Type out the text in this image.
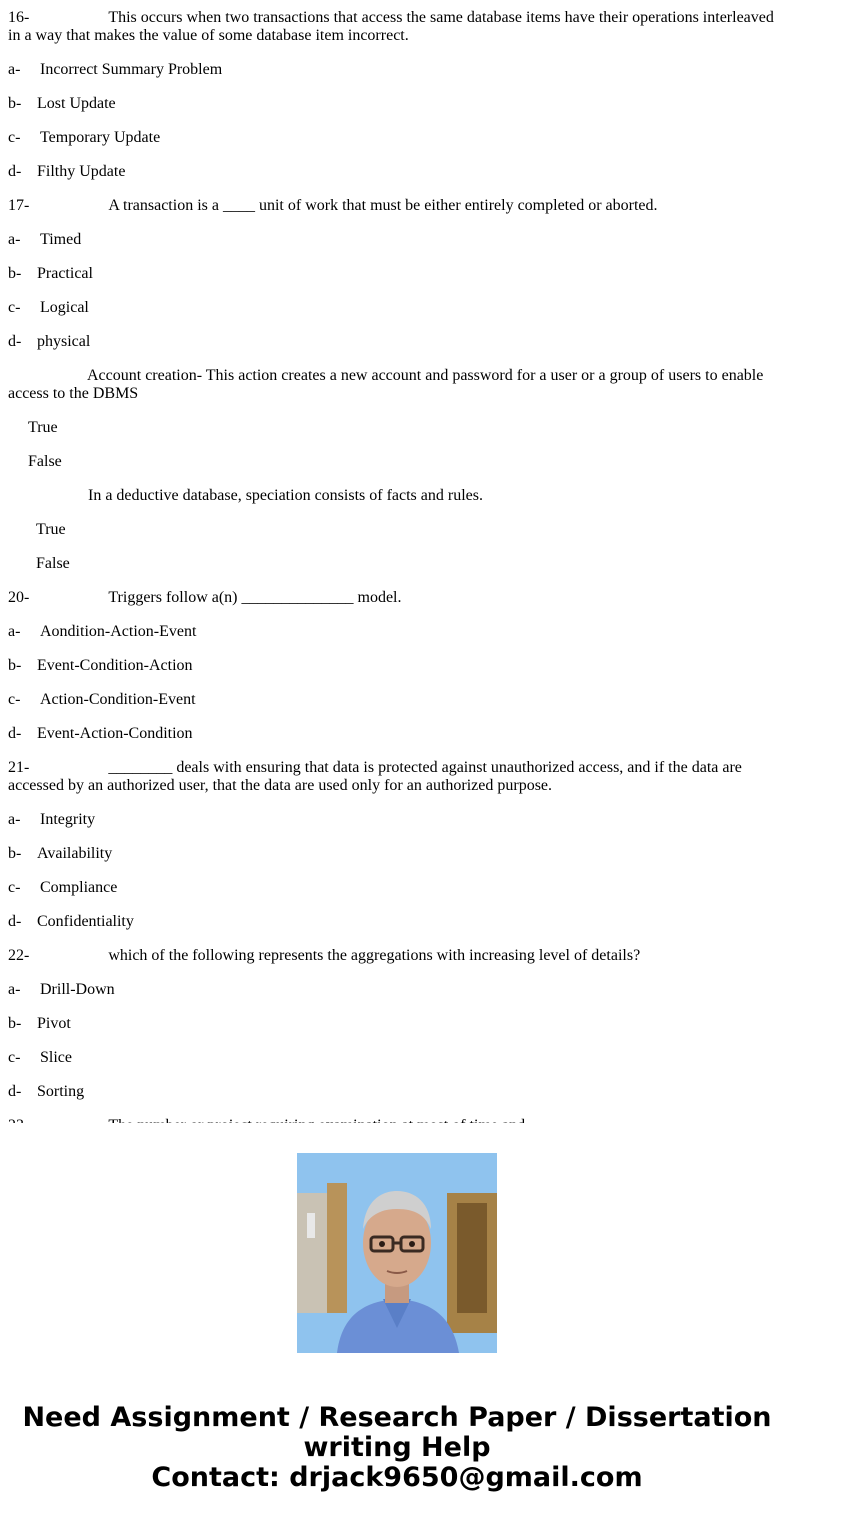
16-	This occurs when two transactions that access the same database items have their operations interleaved in a way that makes the value of some database item incorrect.
a- Incorrect Summary Problem
b- Lost Update
c- Temporary Update
d- Filthy Update
17-	A transaction is a ____ unit of work that must be either entirely completed or aborted.
a- Timed
b- Practical
c- Logical
d- physical
Account creation- This action creates a new account and password for a user or a group of users to enable access to the DBMS
True
False
In a deductive database, speciation consists of facts and rules.
True
False
20-	Triggers follow a(n) ______________ model.
a- Aondition-Action-Event
b- Event-Condition-Action
c- Action-Condition-Event
d- Event-Action-Condition
21-	________ deals with ensuring that data is protected against unauthorized access, and if the data are accessed by an authorized user, that the data are used only for an authorized purpose.
a- Integrity
b- Availability
c- Compliance
d- Confidentiality
22-	which of the following represents the aggregations with increasing level of details?
a- Drill-Down
b- Pivot
c- Slice
d- Sorting
Need Assignment / Research Paper / Dissertation
writing Help
Contact: drjack9650@gmail.com
